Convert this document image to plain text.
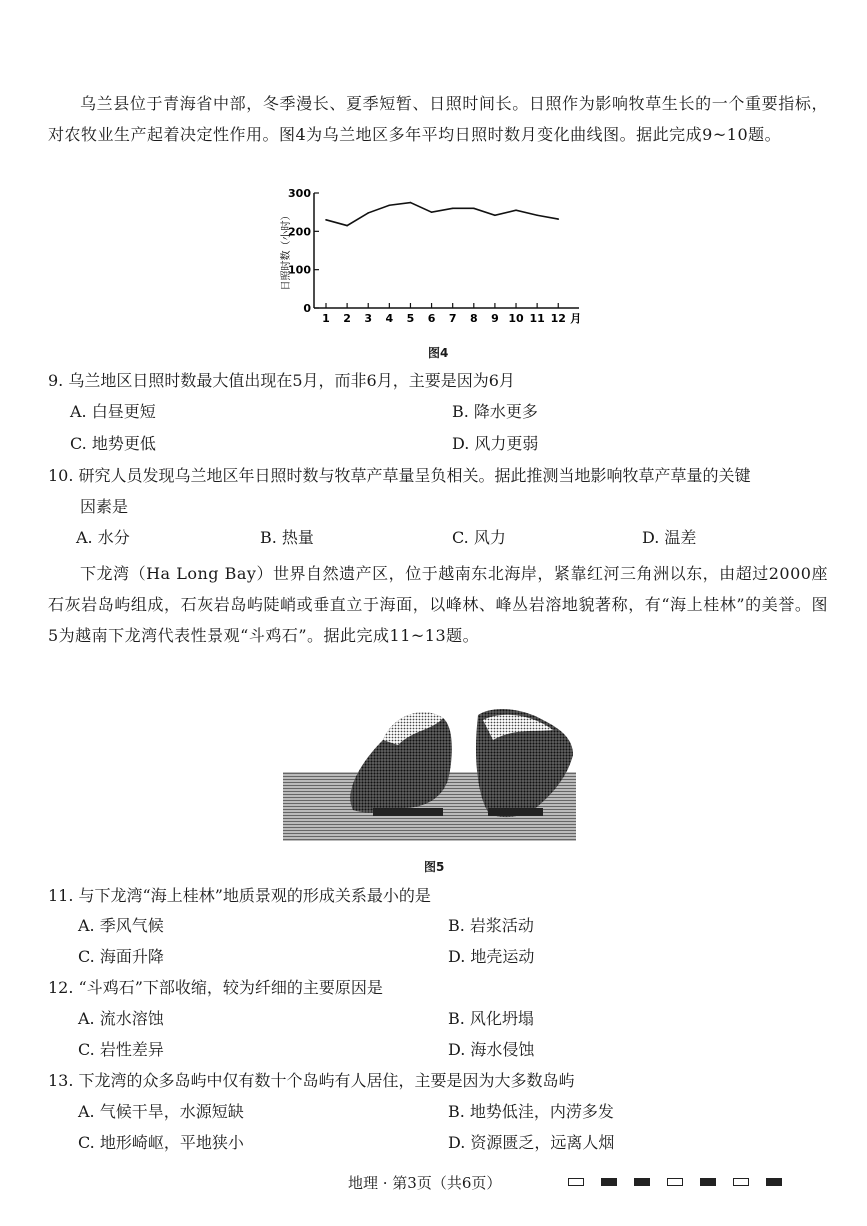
乌兰县位于青海省中部，冬季漫长、夏季短暂、日照时间长。日照作为影响牧草生长的一个重要指标，对农牧业生产起着决定性作用。图4为乌兰地区多年平均日照时数月变化曲线图。据此完成9~10题。
0
100
200
300
1 2 3 4 5 6 7 8 9 10 11 12 月
日照时数（小时）
图4
9. 乌兰地区日照时数最大值出现在5月，而非6月，主要是因为6月
A. 白昼更短	B. 降水更多
C. 地势更低	D. 风力更弱
10. 研究人员发现乌兰地区年日照时数与牧草产草量呈负相关。据此推测当地影响牧草产草量的关键
因素是
A. 水分	B. 热量	C. 风力	D. 温差
下龙湾（Ha Long Bay）世界自然遗产区，位于越南东北海岸，紧靠红河三角洲以东，由超过2000座石灰岩岛屿组成，石灰岩岛屿陡峭或垂直立于海面，以峰林、峰丛岩溶地貌著称，有“海上桂林”的美誉。图5为越南下龙湾代表性景观“斗鸡石”。据此完成11~13题。
图5
11. 与下龙湾“海上桂林”地质景观的形成关系最小的是
A. 季风气候	B. 岩浆活动
C. 海面升降	D. 地壳运动
12. “斗鸡石”下部收缩，较为纤细的主要原因是
A. 流水溶蚀	B. 风化坍塌
C. 岩性差异	D. 海水侵蚀
13. 下龙湾的众多岛屿中仅有数十个岛屿有人居住，主要是因为大多数岛屿
A. 气候干旱，水源短缺	B. 地势低洼，内涝多发
C. 地形崎岖，平地狭小	D. 资源匮乏，远离人烟
地理 · 第3页（共6页）
